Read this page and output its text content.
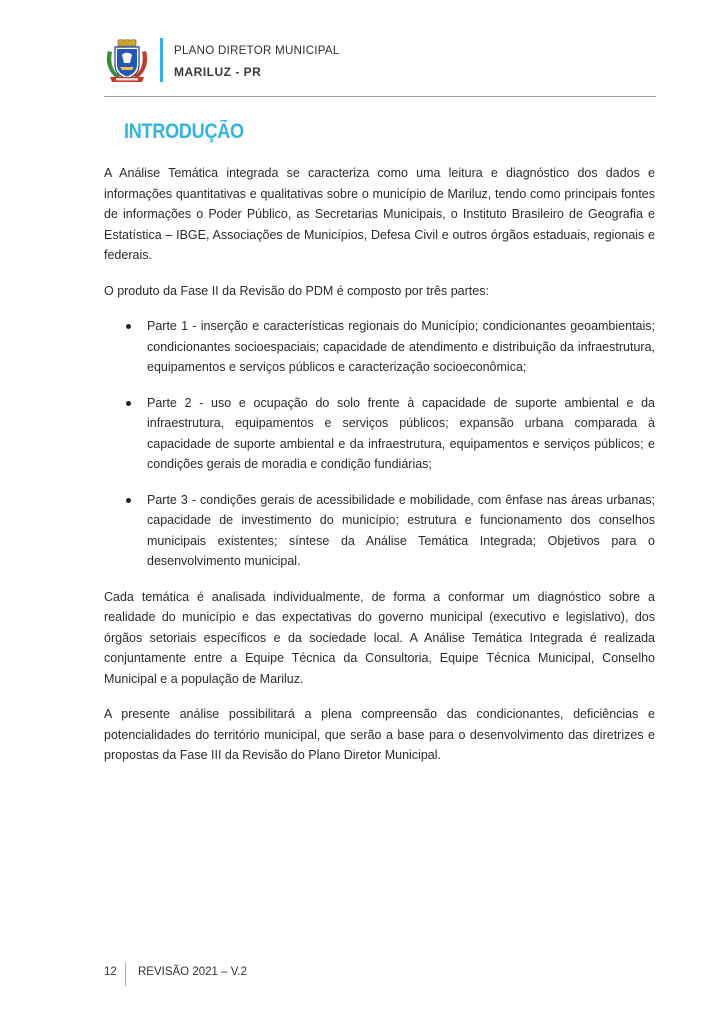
PLANO DIRETOR MUNICIPAL
MARILUZ - PR
INTRODUÇÃO

A Análise Temática integrada se caracteriza como uma leitura e diagnóstico dos dados e informações quantitativas e qualitativas sobre o município de Mariluz, tendo como principais fontes de informações o Poder Público, as Secretarias Municipais, o Instituto Brasileiro de Geografia e Estatística – IBGE, Associações de Municípios, Defesa Civil e outros órgãos estaduais, regionais e federais.

O produto da Fase II da Revisão do PDM é composto por três partes:

Parte 1 - inserção e características regionais do Município; condicionantes geoambientais; condicionantes socioespaciais; capacidade de atendimento e distribuição da infraestrutura, equipamentos e serviços públicos e caracterização socioeconômica;

Parte 2 - uso e ocupação do solo frente à capacidade de suporte ambiental e da infraestrutura, equipamentos e serviços públicos; expansão urbana comparada à capacidade de suporte ambiental e da infraestrutura, equipamentos e serviços públicos; e condições gerais de moradia e condição fundiárias;

Parte 3 - condições gerais de acessibilidade e mobilidade, com ênfase nas áreas urbanas; capacidade de investimento do município; estrutura e funcionamento dos conselhos municipais existentes; síntese da Análise Temática Integrada; Objetivos para o desenvolvimento municipal.

Cada temática é analisada individualmente, de forma a conformar um diagnóstico sobre a realidade do município e das expectativas do governo municipal (executivo e legislativo), dos órgãos setoriais específicos e da sociedade local. A Análise Temática Integrada é realizada conjuntamente entre a Equipe Técnica da Consultoria, Equipe Técnica Municipal, Conselho Municipal e a população de Mariluz.

A presente análise possibilitará a plena compreensão das condicionantes, deficiências e potencialidades do território municipal, que serão a base para o desenvolvimento das diretrizes e propostas da Fase III da Revisão do Plano Diretor Municipal.

12 REVISÃO 2021 – V.2
